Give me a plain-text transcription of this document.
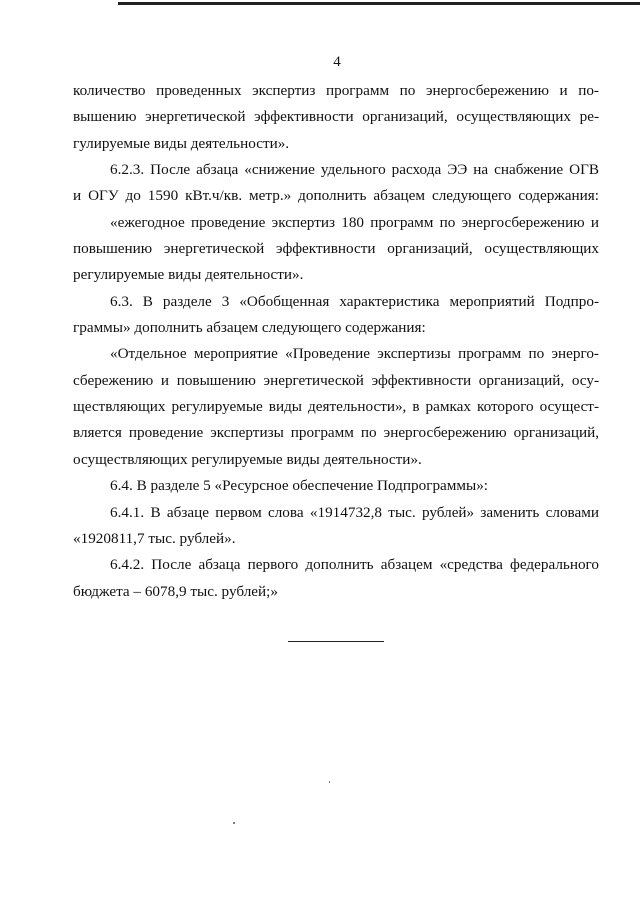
4
количество проведенных экспертиз программ по энергосбережению и по-
вышению энергетической эффективности организаций, осуществляющих ре-
гулируемые виды деятельности».
6.2.3. После абзаца «снижение удельного расхода ЭЭ на снабжение ОГВ
и ОГУ до 1590 кВт.ч/кв. метр.» дополнить абзацем следующего содержания:
«ежегодное проведение экспертиз 180 программ по энергосбережению и
повышению энергетической эффективности организаций, осуществляющих
регулируемые виды деятельности».
6.3. В разделе 3 «Обобщенная характеристика мероприятий Подпро-
граммы» дополнить абзацем следующего содержания:
«Отдельное мероприятие «Проведение экспертизы программ по энерго-
сбережению и повышению энергетической эффективности организаций, осу-
ществляющих регулируемые виды деятельности», в рамках которого осущест-
вляется проведение экспертизы программ по энергосбережению организаций,
осуществляющих регулируемые виды деятельности».
6.4. В разделе 5 «Ресурсное обеспечение Подпрограммы»:
6.4.1. В абзаце первом слова «1914732,8 тыс. рублей» заменить словами
«1920811,7 тыс. рублей».
6.4.2. После абзаца первого дополнить абзацем «средства федерального
бюджета – 6078,9 тыс. рублей;»
